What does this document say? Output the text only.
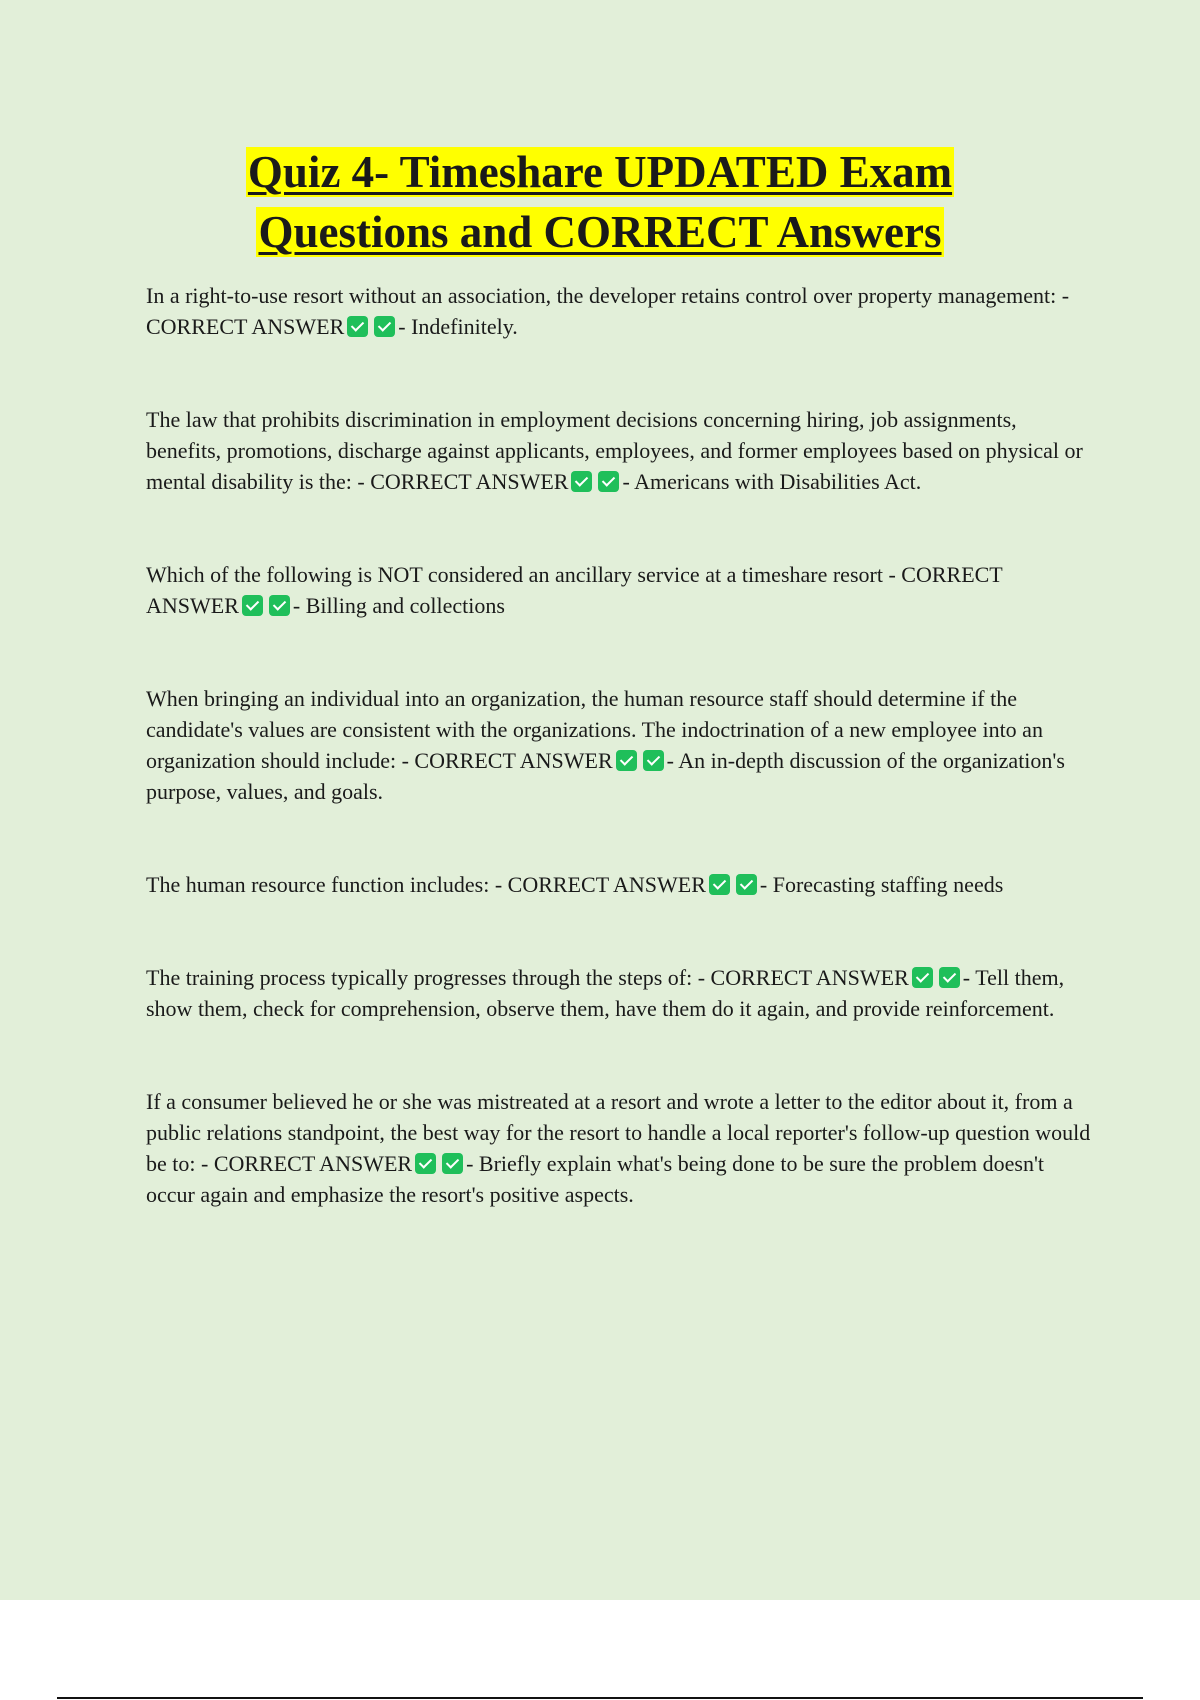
Quiz 4- Timeshare UPDATED Exam
Questions and CORRECT Answers

In a right-to-use resort without an association, the developer retains control over property management: - CORRECT ANSWER - Indefinitely.

The law that prohibits discrimination in employment decisions concerning hiring, job assignments, benefits, promotions, discharge against applicants, employees, and former employees based on physical or mental disability is the: - CORRECT ANSWER - Americans with Disabilities Act.

Which of the following is NOT considered an ancillary service at a timeshare resort - CORRECT ANSWER - Billing and collections

When bringing an individual into an organization, the human resource staff should determine if the candidate's values are consistent with the organizations. The indoctrination of a new employee into an organization should include: - CORRECT ANSWER - An in-depth discussion of the organization's purpose, values, and goals.

The human resource function includes: - CORRECT ANSWER - Forecasting staffing needs

The training process typically progresses through the steps of: - CORRECT ANSWER - Tell them, show them, check for comprehension, observe them, have them do it again, and provide reinforcement.

If a consumer believed he or she was mistreated at a resort and wrote a letter to the editor about it, from a public relations standpoint, the best way for the resort to handle a local reporter's follow-up question would be to: - CORRECT ANSWER - Briefly explain what's being done to be sure the problem doesn't occur again and emphasize the resort's positive aspects.
